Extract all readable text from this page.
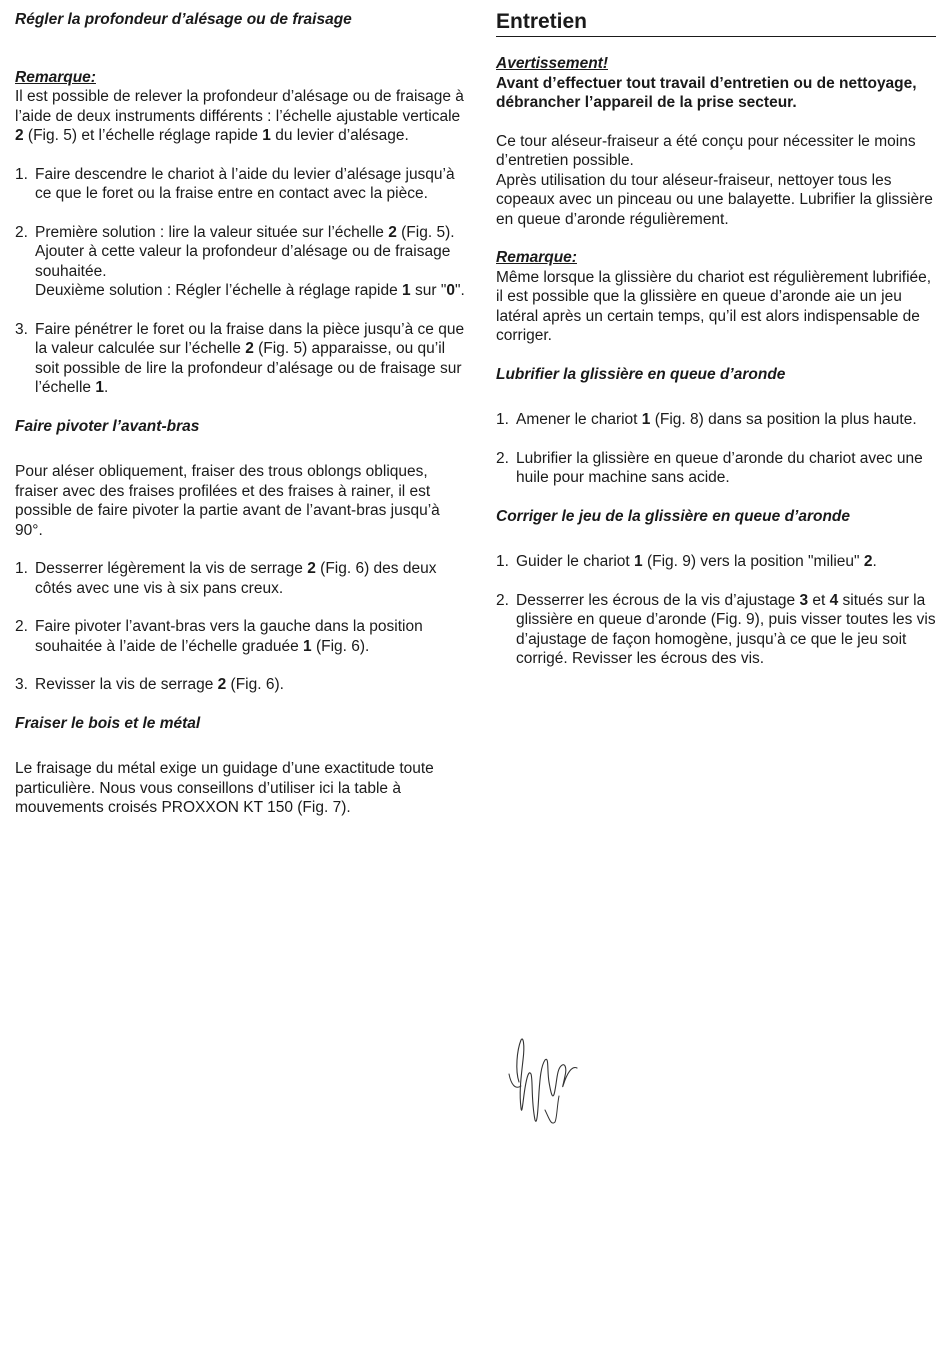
Régler la profondeur d’alésage ou de fraisage

Remarque:

Il est possible de relever la profondeur d’alésage ou de fraisage à l’aide de deux instruments différents : l’échelle ajustable verticale 2 (Fig. 5) et l’échelle réglage rapide 1 du levier d’alésage.

1. Faire descendre le chariot à l’aide du levier d’alésage jusqu’à ce que le foret ou la fraise entre en contact avec la pièce.
2. Première solution : lire la valeur située sur l’échelle 2 (Fig. 5). Ajouter à cette valeur la profondeur d’alésage ou de fraisage souhaitée.
Deuxième solution : Régler l’échelle à réglage rapide 1 sur "0".
3. Faire pénétrer le foret ou la fraise dans la pièce jusqu’à ce que la valeur calculée sur l’échelle 2 (Fig. 5) apparaisse, ou qu’il soit possible de lire la profondeur d’alésage ou de fraisage sur l’échelle 1.
Faire pivoter l’avant-bras

Pour aléser obliquement, fraiser des trous oblongs obliques, fraiser avec des fraises profilées et des fraises à rainer, il est possible de faire pivoter la partie avant de l’avant-bras jusqu’à 90°.

1. Desserrer légèrement la vis de serrage 2 (Fig. 6) des deux côtés avec une vis à six pans creux.
2. Faire pivoter l’avant-bras vers la gauche dans la position souhaitée à l’aide de l’échelle graduée 1 (Fig. 6).
3. Revisser la vis de serrage 2 (Fig. 6).
Fraiser le bois et le métal

Le fraisage du métal exige un guidage d’une exactitude toute particulière. Nous vous conseillons d’utiliser ici la table à mouvements croisés PROXXON KT 150 (Fig. 7).

Entretien

Avertissement!

Avant d’effectuer tout travail d’entretien ou de nettoyage, débrancher l’appareil de la prise secteur.

Ce tour aléseur-fraiseur a été conçu pour nécessiter le moins d’entretien possible.

Après utilisation du tour aléseur-fraiseur, nettoyer tous les copeaux avec un pinceau ou une balayette. Lubrifier la glissière en queue d’aronde régulièrement.

Remarque:

Même lorsque la glissière du chariot est régulièrement lubrifiée, il est possible que la glissière en queue d’aronde aie un jeu latéral après un certain temps, qu’il est alors indispensable de corriger.

Lubrifier la glissière en queue d’aronde
1. Amener le chariot 1 (Fig. 8) dans sa position la plus haute.
2. Lubrifier la glissière en queue d’aronde du chariot avec une huile pour machine sans acide.
Corriger le jeu de la glissière en queue d’aronde
1. Guider le chariot 1 (Fig. 9) vers la position "milieu" 2.
2. Desserrer les écrous de la vis d’ajustage 3 et 4 situés sur la glissière en queue d’aronde (Fig. 9), puis visser toutes les vis d’ajustage de façon homogène, jusqu’à ce que le jeu soit corrigé. Revisser les écrous des vis.
